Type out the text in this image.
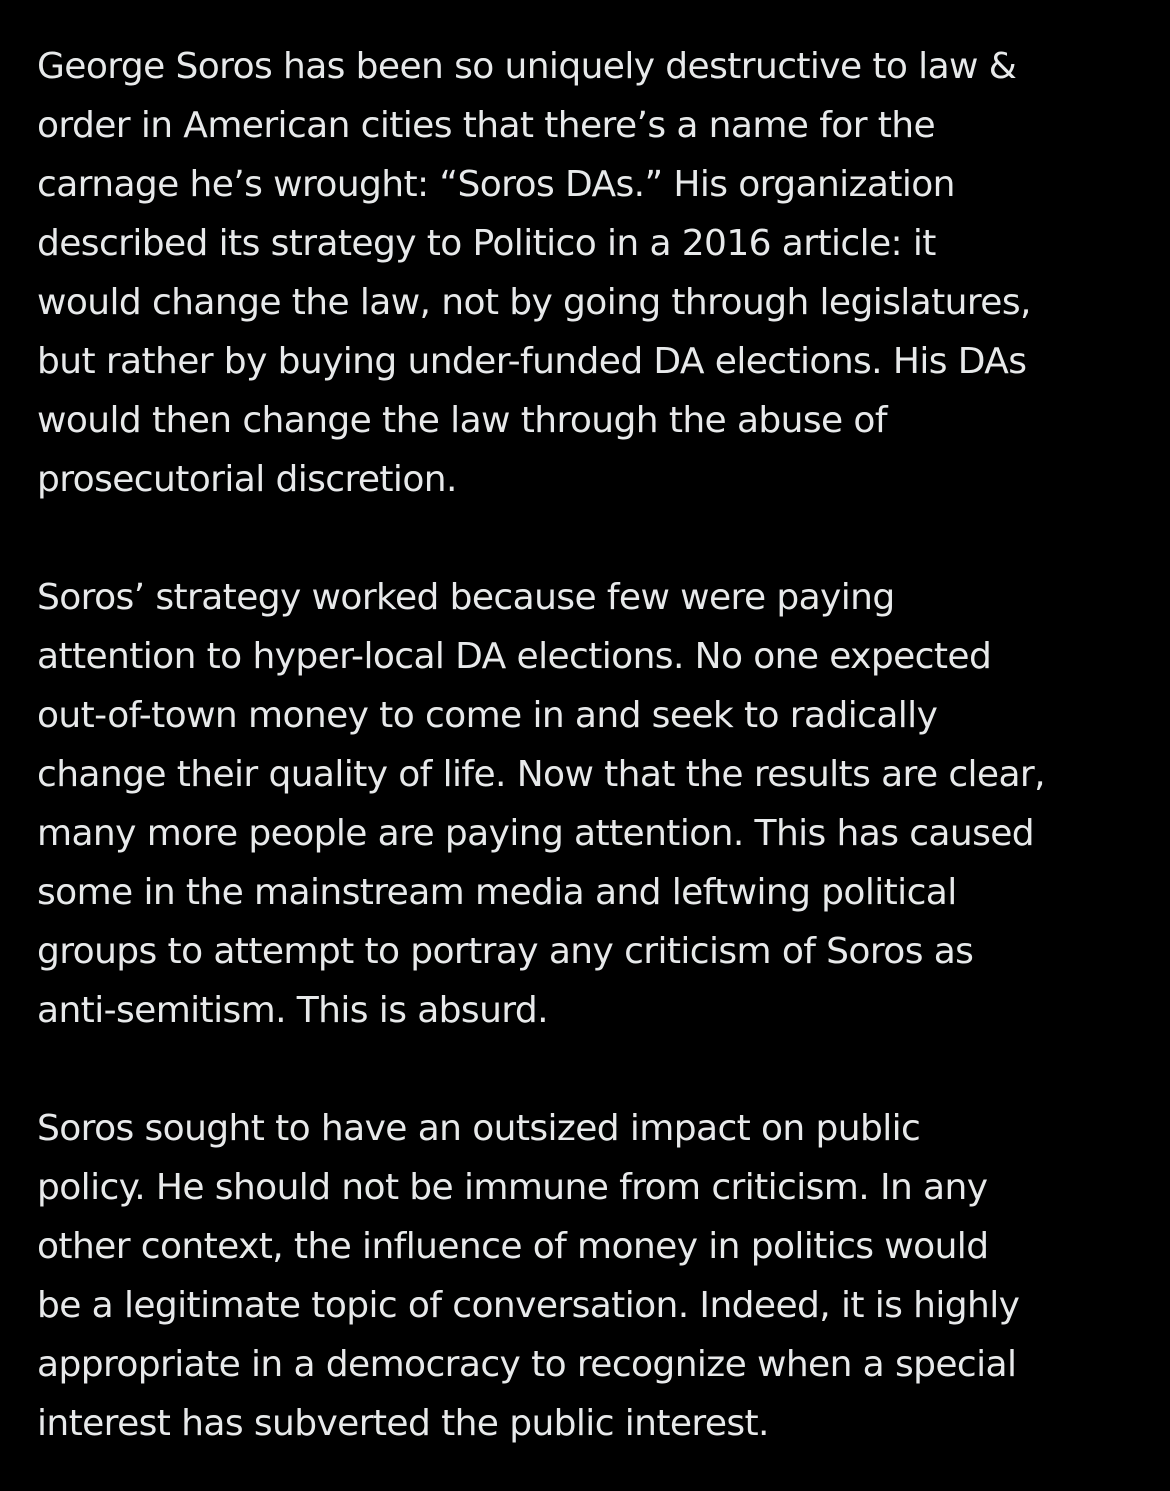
George Soros has been so uniquely destructive to law &
order in American cities that there’s a name for the
carnage he’s wrought: “Soros DAs.” His organization
described its strategy to Politico in a 2016 article: it
would change the law, not by going through legislatures,
but rather by buying under-funded DA elections. His DAs
would then change the law through the abuse of
prosecutorial discretion.

Soros’ strategy worked because few were paying
attention to hyper-local DA elections. No one expected
out-of-town money to come in and seek to radically
change their quality of life. Now that the results are clear,
many more people are paying attention. This has caused
some in the mainstream media and leftwing political
groups to attempt to portray any criticism of Soros as
anti-semitism. This is absurd.

Soros sought to have an outsized impact on public
policy. He should not be immune from criticism. In any
other context, the influence of money in politics would
be a legitimate topic of conversation. Indeed, it is highly
appropriate in a democracy to recognize when a special
interest has subverted the public interest.
